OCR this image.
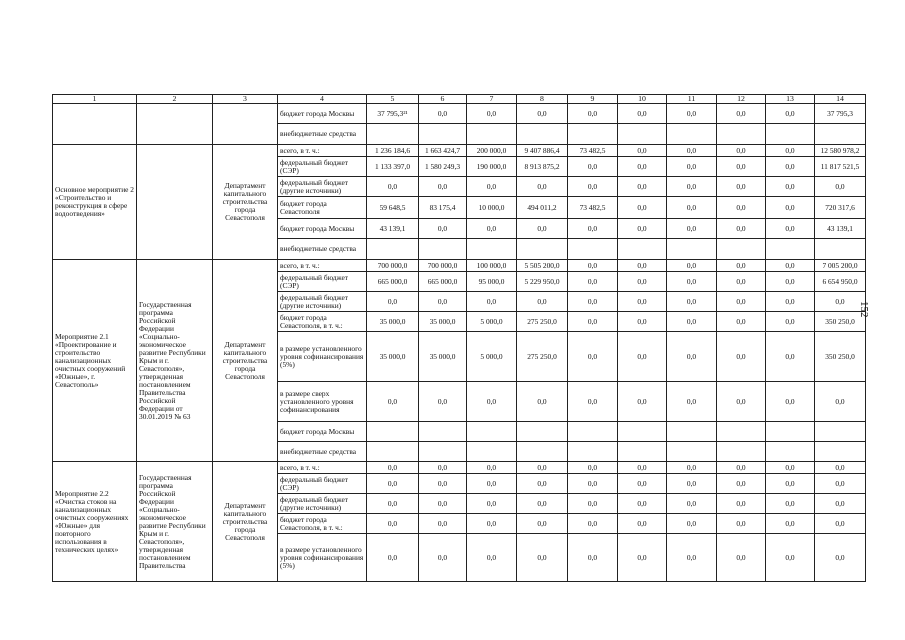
1	2	3	4	5	6	7	8	9	10	11	12	13	14
			бюджет города Москвы	37 795,3²¹	0,0	0,0	0,0	0,0	0,0	0,0	0,0	0,0	37 795,3
			внебюджетные средства										
Основное мероприятие 2 «Строительство и реконструкция в сфере водоотведения»		Департамент капитального строительства города Севастополя	всего, в т. ч.:	1 236 184,6	1 663 424,7	200 000,0	9 407 886,4	73 482,5	0,0	0,0	0,0	0,0	12 580 978,2
			федеральный бюджет (СЭР)	1 133 397,0	1 580 249,3	190 000,0	8 913 875,2	0,0	0,0	0,0	0,0	0,0	11 817 521,5
			федеральный бюджет (другие источники)	0,0	0,0	0,0	0,0	0,0	0,0	0,0	0,0	0,0	0,0
			бюджет города Севастополя	59 648,5	83 175,4	10 000,0	494 011,2	73 482,5	0,0	0,0	0,0	0,0	720 317,6
			бюджет города Москвы	43 139,1	0,0	0,0	0,0	0,0	0,0	0,0	0,0	0,0	43 139,1
			внебюджетные средства										
Мероприятие 2.1 «Проектирование и строительство канализационных очистных сооружений «Южные», г. Севастополь»	Государственная программа Российской Федерации «Социально-экономическое развитие Республики Крым и г. Севастополя», утвержденная постановлением Правительства Российской Федерации от 30.01.2019 № 63	Департамент капитального строительства города Севастополя	всего, в т. ч.:	700 000,0	700 000,0	100 000,0	5 505 200,0	0,0	0,0	0,0	0,0	0,0	7 005 200,0
			федеральный бюджет (СЭР)	665 000,0	665 000,0	95 000,0	5 229 950,0	0,0	0,0	0,0	0,0	0,0	6 654 950,0
			федеральный бюджет (другие источники)	0,0	0,0	0,0	0,0	0,0	0,0	0,0	0,0	0,0	0,0
			бюджет города Севастополя, в т. ч.:	35 000,0	35 000,0	5 000,0	275 250,0	0,0	0,0	0,0	0,0	0,0	350 250,0
			в размере установленного уровня софинансирования (5%)	35 000,0	35 000,0	5 000,0	275 250,0	0,0	0,0	0,0	0,0	0,0	350 250,0
			в размере сверх установленного уровня софинансирования	0,0	0,0	0,0	0,0	0,0	0,0	0,0	0,0	0,0	0,0
			бюджет города Москвы										
			внебюджетные средства										
Мероприятие 2.2 «Очистка стоков на канализационных очистных сооружениях «Южные» для повторного использования в технических целях»	Государственная программа Российской Федерации «Социально-экономическое развитие Республики Крым и г. Севастополя», утвержденная постановлением Правительства	Департамент капитального строительства города Севастополя	всего, в т. ч.:	0,0	0,0	0,0	0,0	0,0	0,0	0,0	0,0	0,0	0,0
			федеральный бюджет (СЭР)	0,0	0,0	0,0	0,0	0,0	0,0	0,0	0,0	0,0	0,0
			федеральный бюджет (другие источники)	0,0	0,0	0,0	0,0	0,0	0,0	0,0	0,0	0,0	0,0
			бюджет города Севастополя, в т. ч.:	0,0	0,0	0,0	0,0	0,0	0,0	0,0	0,0	0,0	0,0
			в размере установленного уровня софинансирования (5%)	0,0	0,0	0,0	0,0	0,0	0,0	0,0	0,0	0,0	0,0
152
